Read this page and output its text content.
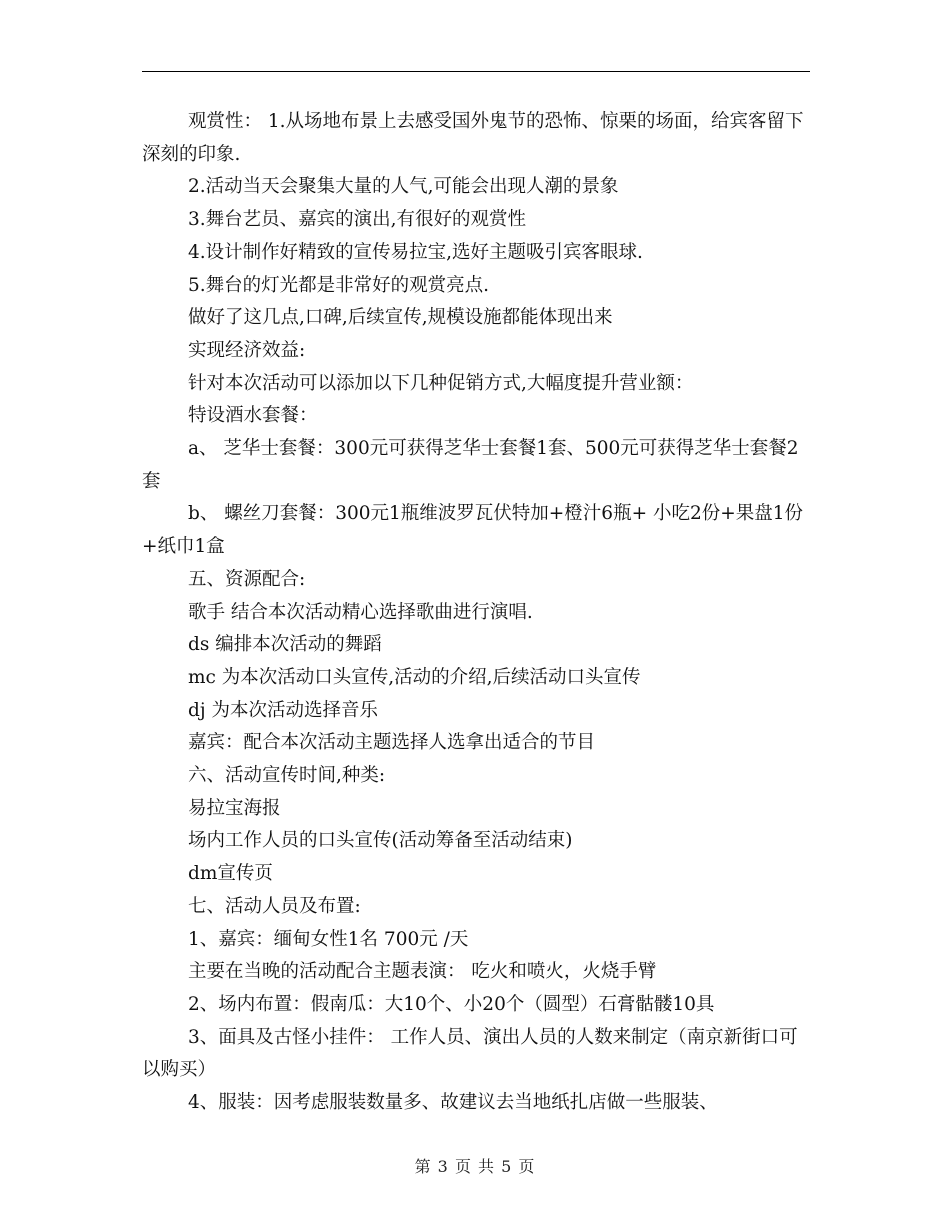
观赏性： 1.从场地布景上去感受国外鬼节的恐怖、惊栗的场面，给宾客留下深刻的印象.
2.活动当天会聚集大量的人气,可能会出现人潮的景象
3.舞台艺员、嘉宾的演出,有很好的观赏性
4.设计制作好精致的宣传易拉宝,选好主题吸引宾客眼球.
5.舞台的灯光都是非常好的观赏亮点.
做好了这几点,口碑,后续宣传,规模设施都能体现出来
实现经济效益:
针对本次活动可以添加以下几种促销方式,大幅度提升营业额：
特设酒水套餐：
a、 芝华士套餐：300元可获得芝华士套餐1套、500元可获得芝华士套餐2套
b、 螺丝刀套餐：300元1瓶维波罗瓦伏特加+橙汁6瓶+ 小吃2份+果盘1份+纸巾1盒
五、资源配合:
歌手 结合本次活动精心选择歌曲进行演唱.
ds 编排本次活动的舞蹈
mc 为本次活动口头宣传,活动的介绍,后续活动口头宣传
dj 为本次活动选择音乐
嘉宾：配合本次活动主题选择人选拿出适合的节目
六、活动宣传时间,种类:
易拉宝海报
场内工作人员的口头宣传(活动筹备至活动结束)
dm宣传页
七、活动人员及布置:
1、嘉宾：缅甸女性1名 700元 /天
主要在当晚的活动配合主题表演： 吃火和喷火，火烧手臂
2、场内布置：假南瓜：大10个、小20个（圆型）石膏骷髅10具
3、面具及古怪小挂件： 工作人员、演出人员的人数来制定（南京新街口可以购买）
4、服装：因考虑服装数量多、故建议去当地纸扎店做一些服装、
第 3 页 共 5 页
